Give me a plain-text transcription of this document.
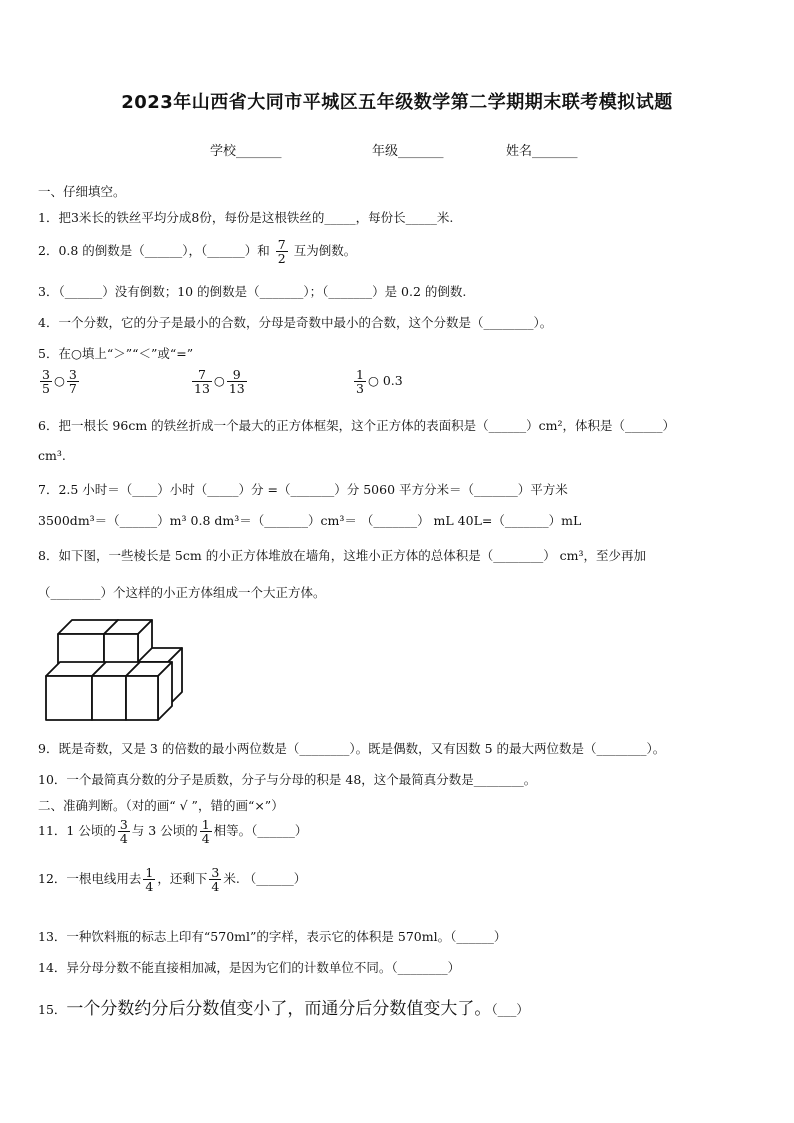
2023年山西省大同市平城区五年级数学第二学期期末联考模拟试题
学校_______	年级_______	姓名_______
一、仔细填空。
1．把3米长的铁丝平均分成8份，每份是这根铁丝的_____，每份长_____米.
2．0.8 的倒数是（______），（______）和 $\frac{7}{2}$ 互为倒数。
3．（______）没有倒数；10 的倒数是（_______）；（_______）是 0.2 的倒数.
4．一个分数，它的分子是最小的合数，分母是奇数中最小的合数，这个分数是（________）。
5．在○填上“＞”“＜”或“=”
$\frac{3}{5}$ ○ $\frac{3}{7}$	$\frac{7}{13}$ ○ $\frac{9}{13}$	$\frac{1}{3}$ ○ 0.3
6．把一根长 96cm 的铁丝折成一个最大的正方体框架，这个正方体的表面积是（______）cm²，体积是（______）
cm³.
7．2.5 小时＝（____）小时（_____）分 =（_______）分 5060 平方分米＝（_______）平方米
3500dm³＝（______）m³ 0.8 dm³＝（_______）cm³＝ （_______） mL 40L=（_______）mL
8．如下图，一些棱长是 5cm 的小正方体堆放在墙角，这堆小正方体的总体积是（________） cm³，至少再加
（________）个这样的小正方体组成一个大正方体。
9．既是奇数，又是 3 的倍数的最小两位数是（________）。既是偶数，又有因数 5 的最大两位数是（________）。
10．一个最简真分数的分子是质数，分子与分母的积是 48，这个最简真分数是________。
二、准确判断。（对的画“ √ ”，错的画“×”）
11．1 公顷的 $\frac{3}{4}$ 与 3 公顷的 $\frac{1}{4}$ 相等。（______）
12．一根电线用去 $\frac{1}{4}$ ，还剩下 $\frac{3}{4}$ 米. （______）
13．一种饮料瓶的标志上印有“570ml”的字样，表示它的体积是 570ml。（______）
14．异分母分数不能直接相加减，是因为它们的计数单位不同。（________）
15．一个分数约分后分数值变小了，而通分后分数值变大了。（___）
